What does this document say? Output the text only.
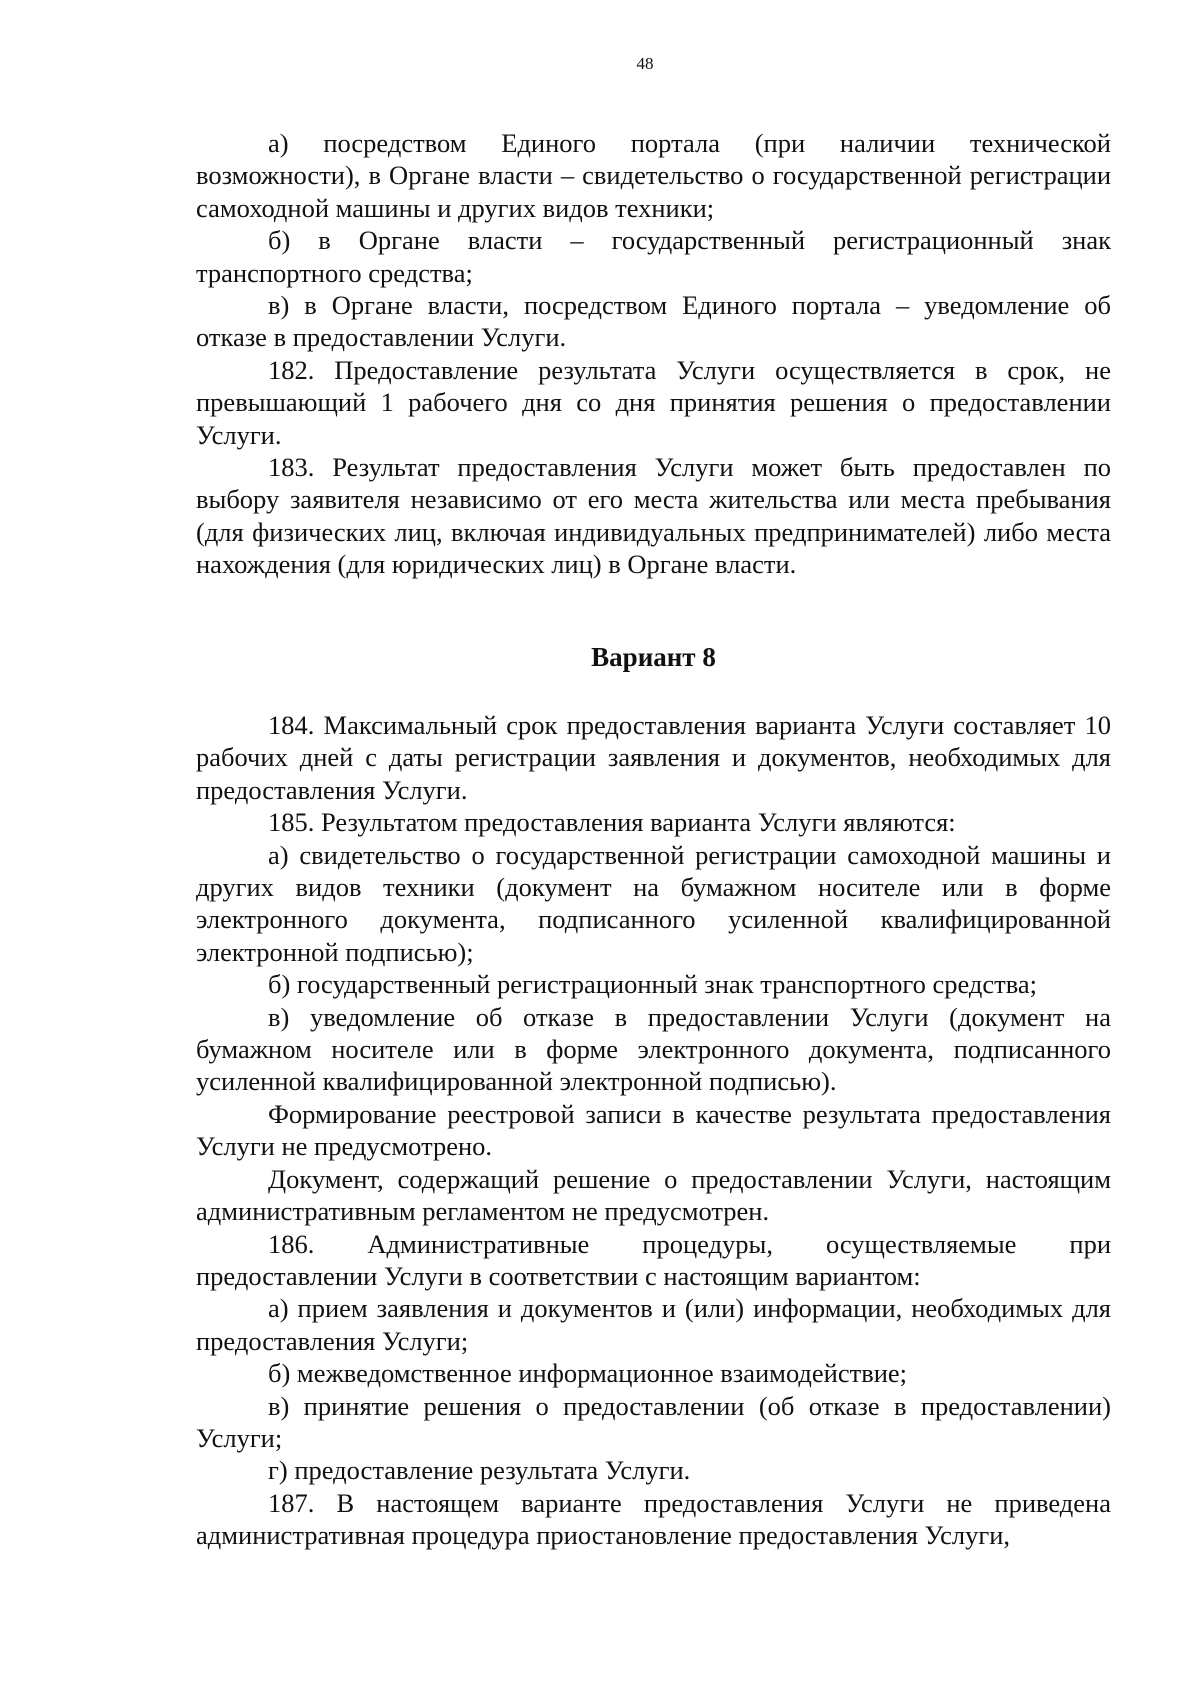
48

а) посредством Единого портала (при наличии технической возможности), в Органе власти – свидетельство о государственной регистрации самоходной машины и других видов техники;

б) в Органе власти – государственный регистрационный знак транспортного средства;

в) в Органе власти, посредством Единого портала – уведомление об отказе в предоставлении Услуги.

182. Предоставление результата Услуги осуществляется в срок, не превышающий 1 рабочего дня со дня принятия решения о предоставлении Услуги.

183. Результат предоставления Услуги может быть предоставлен по выбору заявителя независимо от его места жительства или места пребывания (для физических лиц, включая индивидуальных предпринимателей) либо места нахождения (для юридических лиц) в Органе власти.

Вариант 8

184. Максимальный срок предоставления варианта Услуги составляет 10 рабочих дней с даты регистрации заявления и документов, необходимых для предоставления Услуги.

185. Результатом предоставления варианта Услуги являются:

а) свидетельство о государственной регистрации самоходной машины и других видов техники (документ на бумажном носителе или в форме электронного документа, подписанного усиленной квалифицированной электронной подписью);

б) государственный регистрационный знак транспортного средства;

в) уведомление об отказе в предоставлении Услуги (документ на бумажном носителе или в форме электронного документа, подписанного усиленной квалифицированной электронной подписью).

Формирование реестровой записи в качестве результата предоставления Услуги не предусмотрено.

Документ, содержащий решение о предоставлении Услуги, настоящим административным регламентом не предусмотрен.

186. Административные процедуры, осуществляемые при предоставлении Услуги в соответствии с настоящим вариантом:

а) прием заявления и документов и (или) информации, необходимых для предоставления Услуги;

б) межведомственное информационное взаимодействие;

в) принятие решения о предоставлении (об отказе в предоставлении) Услуги;

г) предоставление результата Услуги.

187. В настоящем варианте предоставления Услуги не приведена административная процедура приостановление предоставления Услуги,
